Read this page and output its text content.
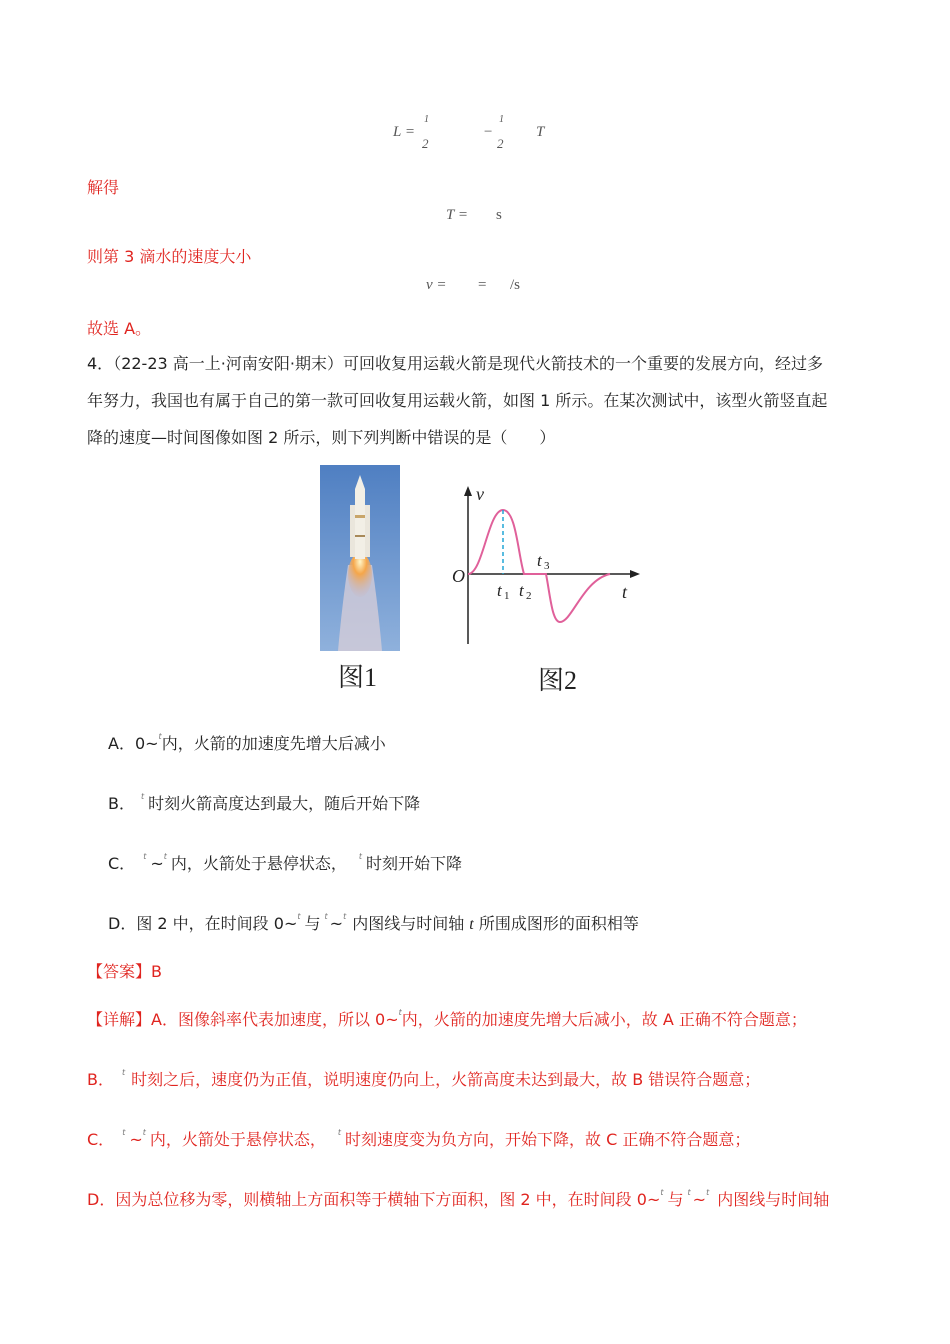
L =
1
2
−
1
2
T
解得
T = s
则第 3 滴水的速度大小
v = = /s
故选 A。
4．（22-23 高一上·河南安阳·期末）可回收复用运载火箭是现代火箭技术的一个重要的发展方向，经过多
年努力，我国也有属于自己的第一款可回收复用运载火箭，如图 1 所示。在某次测试中，该型火箭竖直起
降的速度—时间图像如图 2 所示，则下列判断中错误的是（　　）
v
O
t 1 t 2
t 3
t
图1	图2
A．0~$^t$内，火箭的加速度先增大后减小
B． $^t$ 时刻火箭高度达到最大，随后开始下降
C． $^t$ ~$^t$ 内，火箭处于悬停状态， $^t$ 时刻开始下降
D．图 2 中，在时间段 0~$^t$ 与 $^t$ ~$^t$ 内图线与时间轴 t 所围成图形的面积相等
【答案】B
【详解】A．图像斜率代表加速度，所以 0~$^t$内，火箭的加速度先增大后减小，故 A 正确不符合题意；
B． $^t$ 时刻之后，速度仍为正值，说明速度仍向上，火箭高度未达到最大，故 B 错误符合题意；
C． $^t$ ~$^t$ 内，火箭处于悬停状态， $^t$ 时刻速度变为负方向，开始下降，故 C 正确不符合题意；
D．因为总位移为零，则横轴上方面积等于横轴下方面积，图 2 中，在时间段 0~$^t$ 与 $^t$ ~$^t$ 内图线与时间轴
